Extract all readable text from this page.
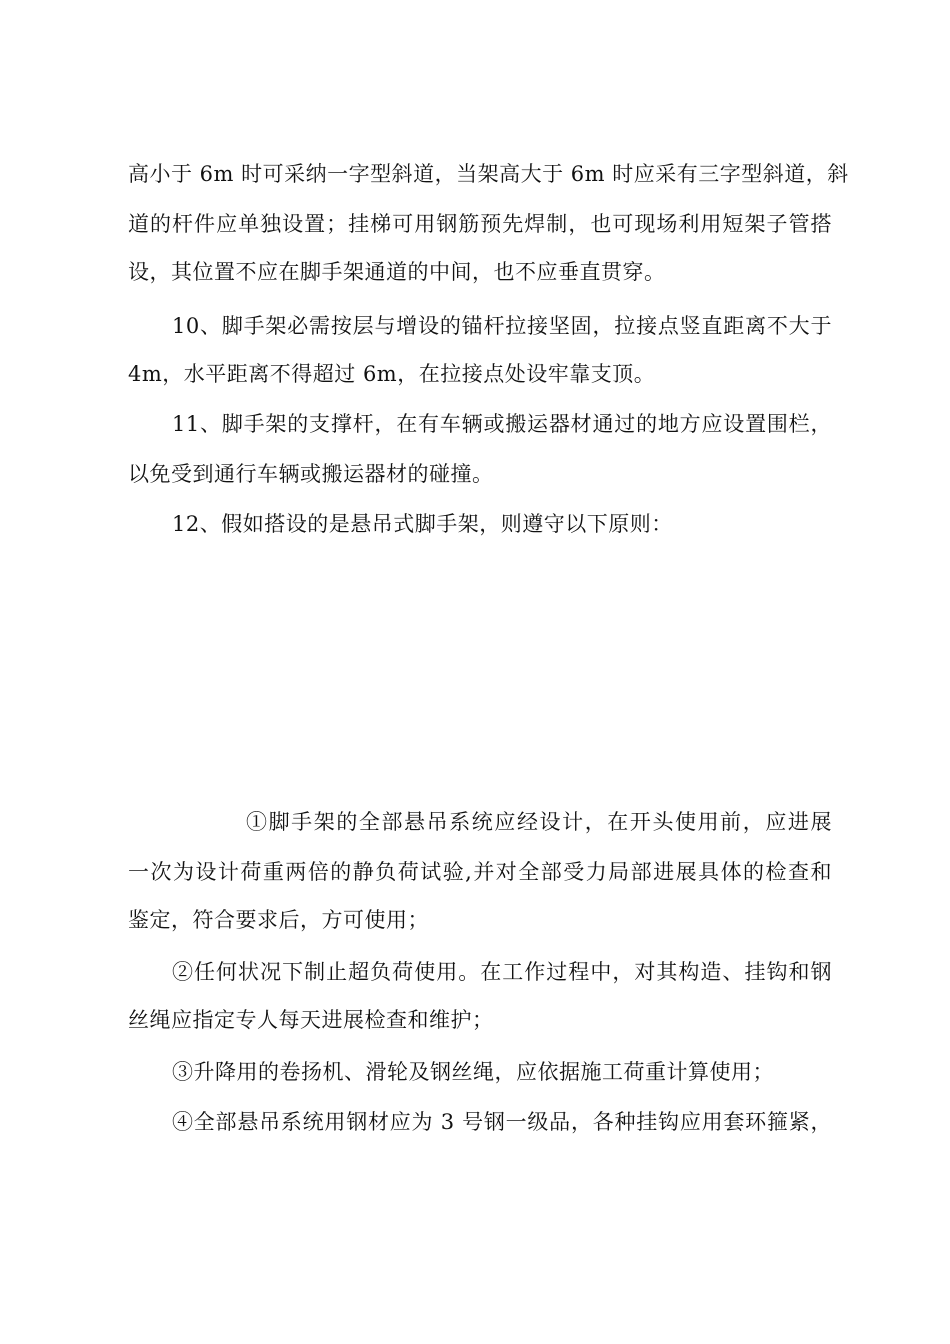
高小于 6m 时可采纳一字型斜道，当架高大于 6m 时应采有三字型斜道，斜
道的杆件应单独设置；挂梯可用钢筋预先焊制，也可现场利用短架子管搭
设，其位置不应在脚手架通道的中间，也不应垂直贯穿。
10、脚手架必需按层与增设的锚杆拉接坚固，拉接点竖直距离不大于
4m，水平距离不得超过 6m，在拉接点处设牢靠支顶。
11、脚手架的支撑杆，在有车辆或搬运器材通过的地方应设置围栏，
以免受到通行车辆或搬运器材的碰撞。
12、假如搭设的是悬吊式脚手架，则遵守以下原则：
①脚手架的全部悬吊系统应经设计，在开头使用前，应进展
一次为设计荷重两倍的静负荷试验,并对全部受力局部进展具体的检查和
鉴定，符合要求后，方可使用；
②任何状况下制止超负荷使用。在工作过程中，对其构造、挂钩和钢
丝绳应指定专人每天进展检查和维护；
③升降用的卷扬机、滑轮及钢丝绳，应依据施工荷重计算使用；
④全部悬吊系统用钢材应为 3 号钢一级品，各种挂钩应用套环箍紧，
